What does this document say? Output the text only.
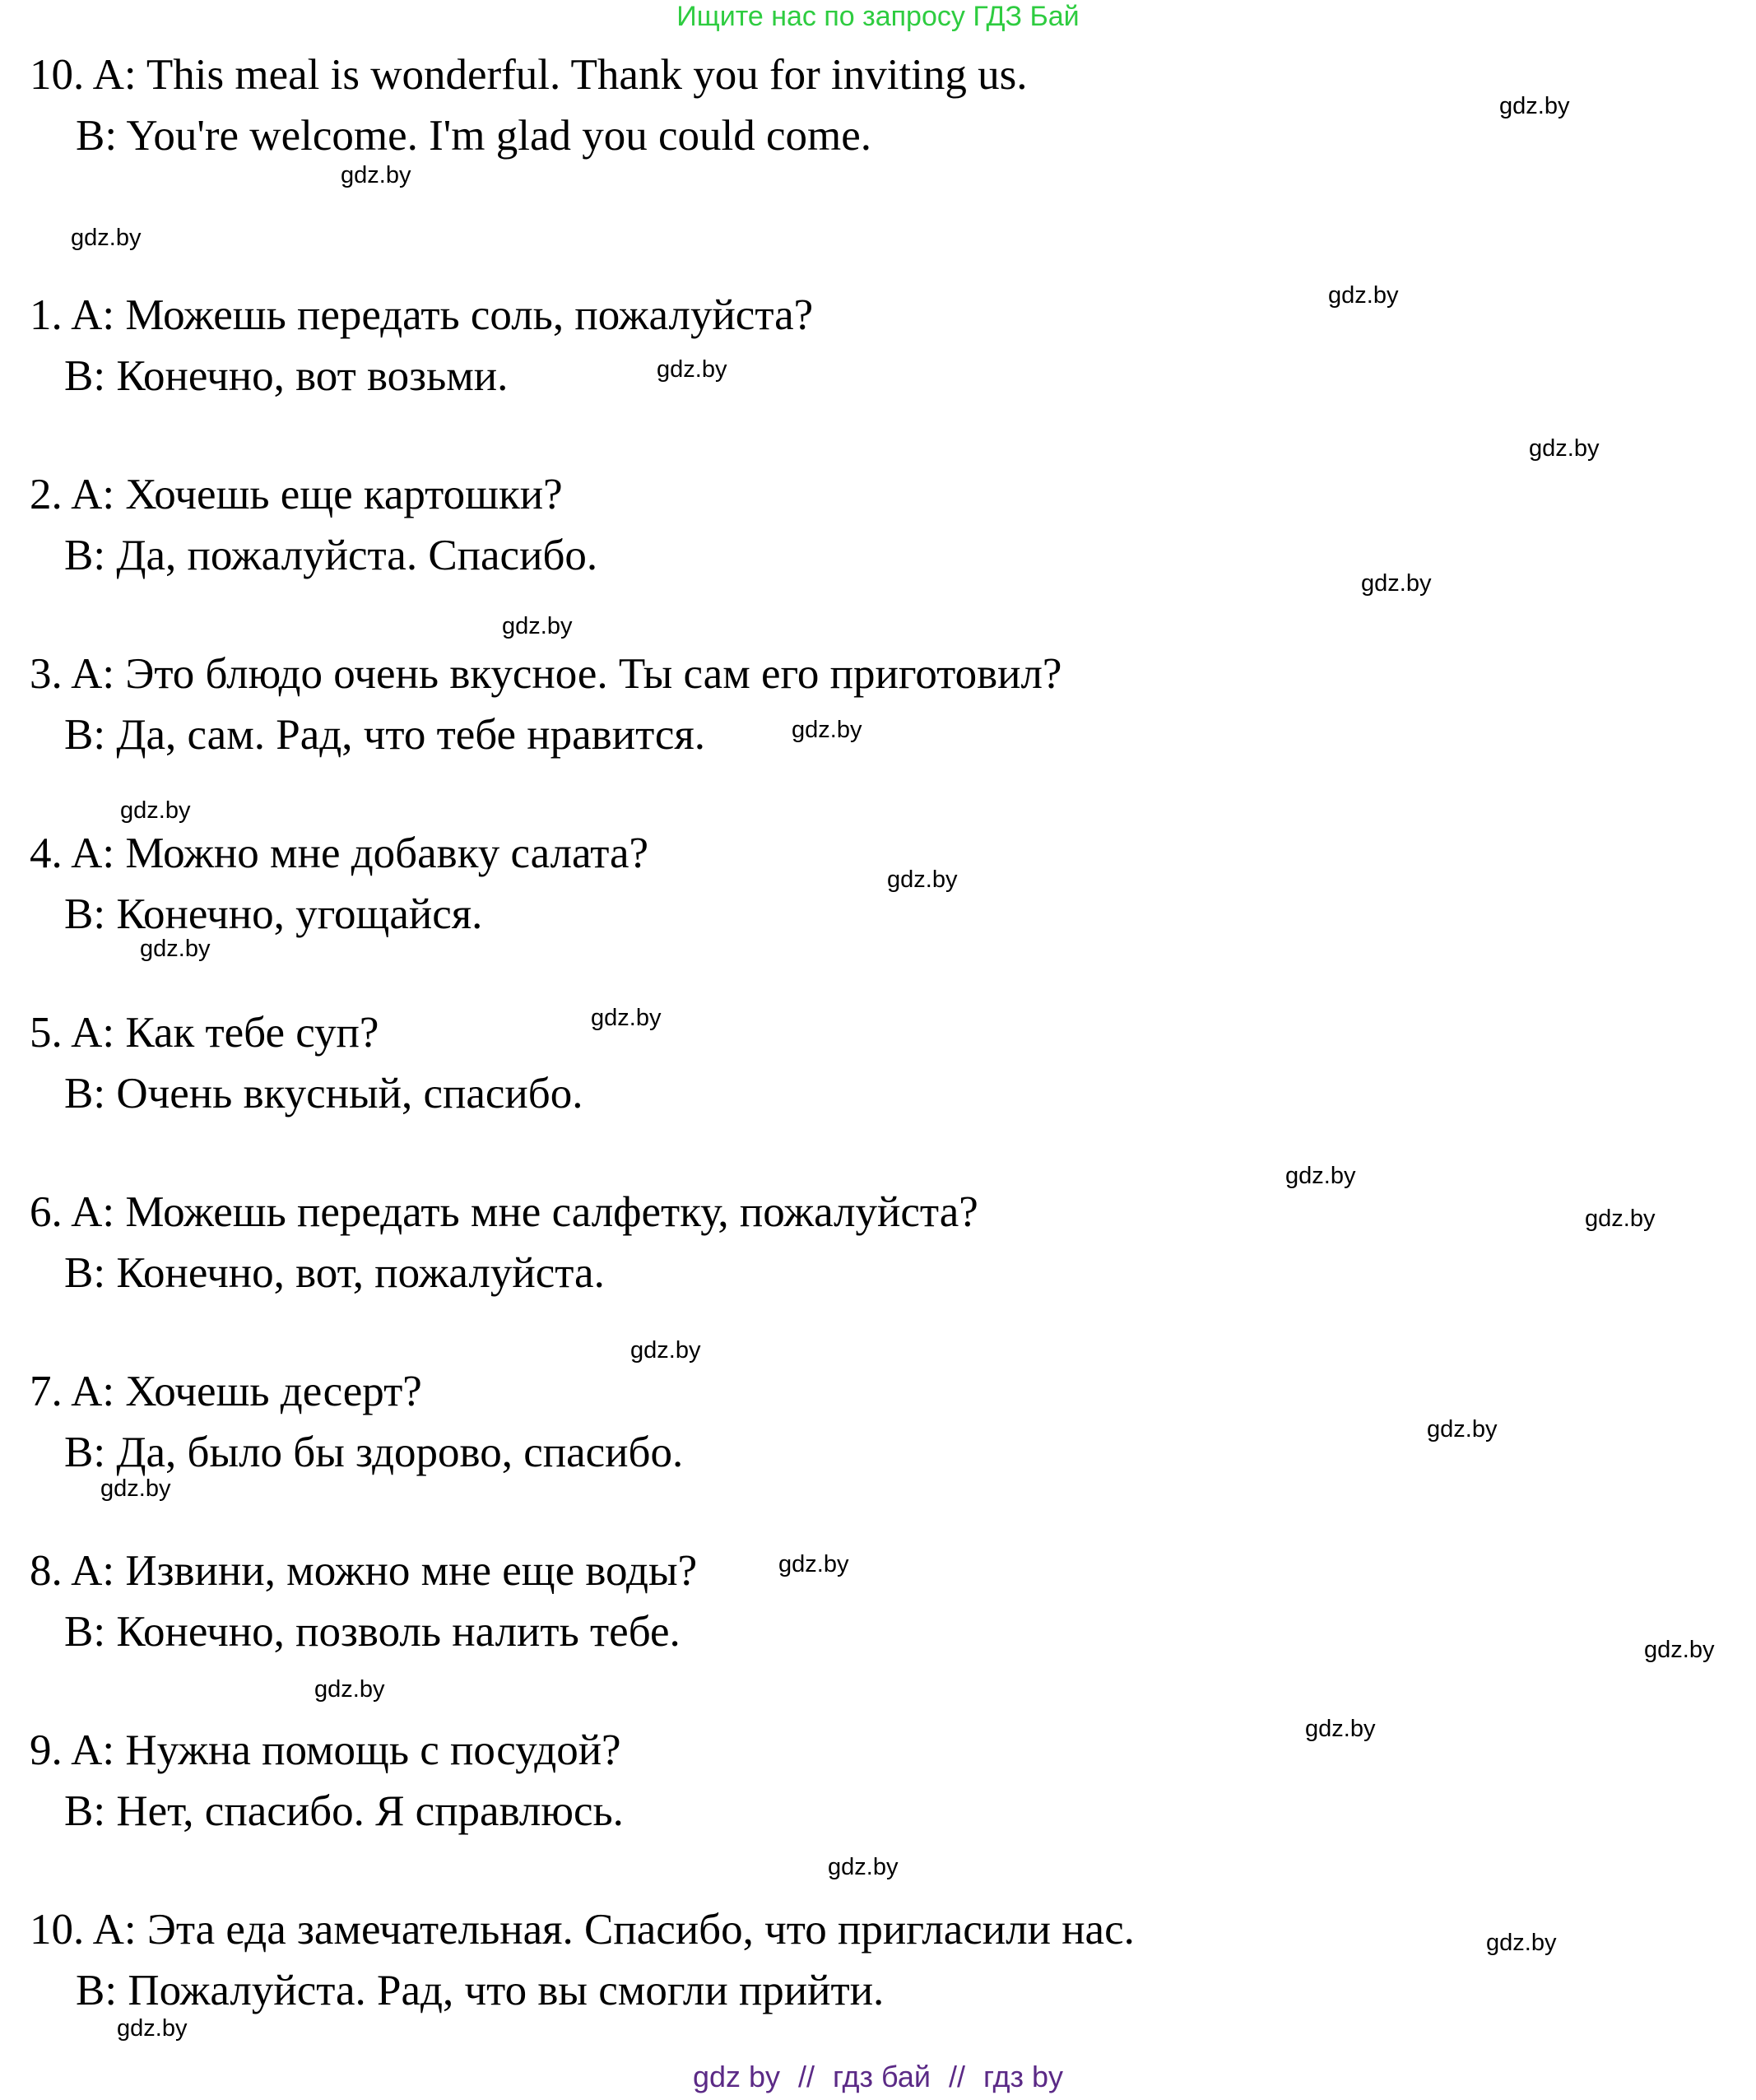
Ищите нас по запросу ГДЗ Бай
10. A: This meal is wonderful. Thank you for inviting us.
B: You're welcome. I'm glad you could come.
1. A: Можешь передать соль, пожалуйста?
B: Конечно, вот возьми.
2. A: Хочешь еще картошки?
B: Да, пожалуйста. Спасибо.
3. A: Это блюдо очень вкусное. Ты сам его приготовил?
B: Да, сам. Рад, что тебе нравится.
4. A: Можно мне добавку салата?
B: Конечно, угощайся.
5. A: Как тебе суп?
B: Очень вкусный, спасибо.
6. A: Можешь передать мне салфетку, пожалуйста?
B: Конечно, вот, пожалуйста.
7. A: Хочешь десерт?
B: Да, было бы здорово, спасибо.
8. A: Извини, можно мне еще воды?
B: Конечно, позволь налить тебе.
9. A: Нужна помощь с посудой?
B: Нет, спасибо. Я справлюсь.
10. A: Эта еда замечательная. Спасибо, что пригласили нас.
B: Пожалуйста. Рад, что вы смогли прийти.
gdz.by
gdz.by
gdz.by
gdz.by
gdz.by
gdz.by
gdz.by
gdz.by
gdz.by
gdz.by
gdz.by
gdz.by
gdz.by
gdz.by
gdz.by
gdz.by
gdz.by
gdz.by
gdz.by
gdz.by
gdz.by
gdz.by
gdz.by
gdz.by
gdz.by
gdz by // гдз бай // гдз by
